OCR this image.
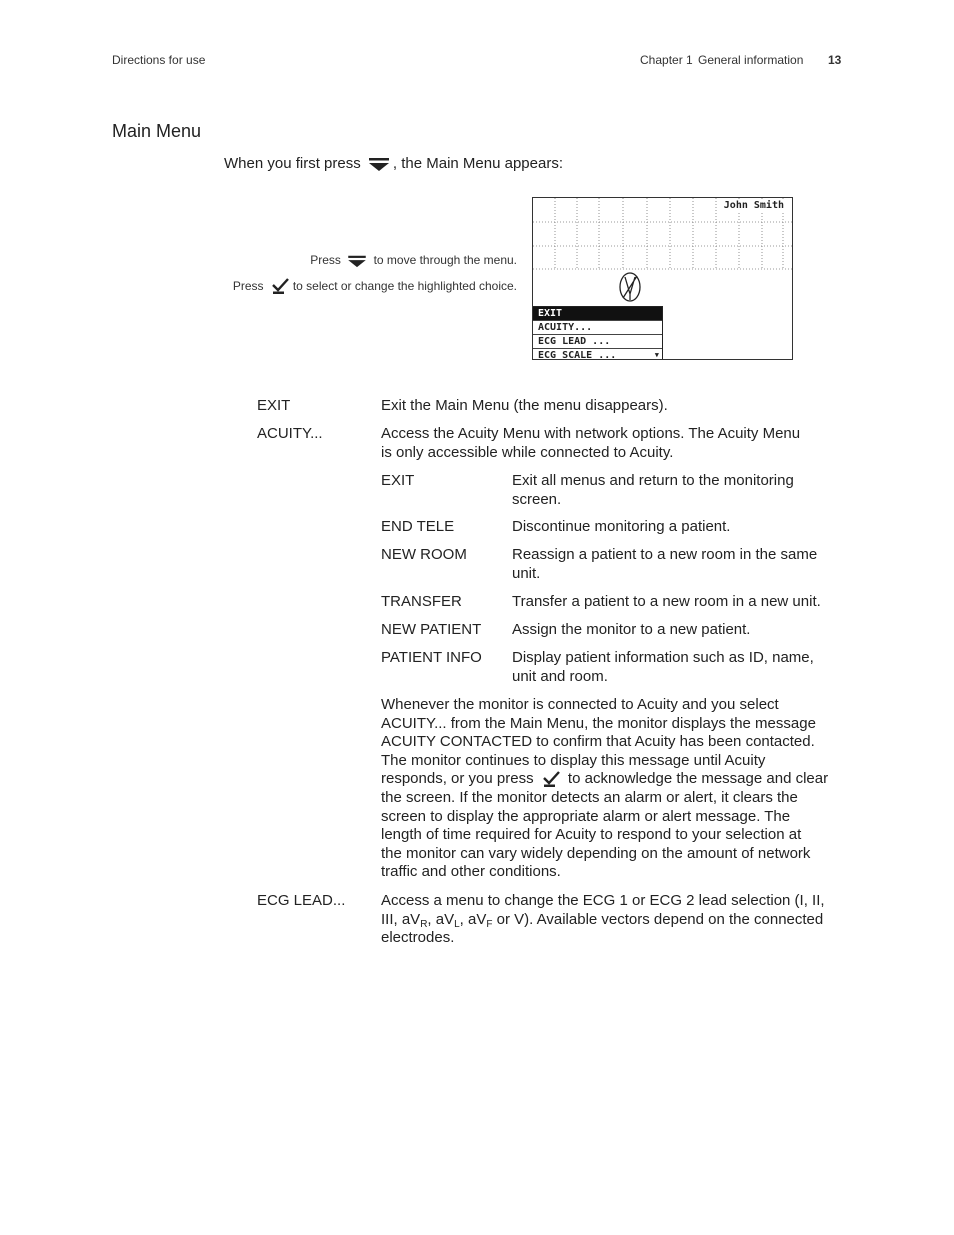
Directions for use	Chapter 1 General information 13
Main Menu
When you first press , the Main Menu appears:
Press	to move through the menu.
Press to select or change the highlighted choice.
John Smith
EXIT
ACUITY...
ECG LEAD ...
ECG SCALE ...	▼
EXIT	Exit the Main Menu (the menu disappears).
ACUITY...	Access the Acuity Menu with network options. The Acuity Menu
is only accessible while connected to Acuity.
EXIT	Exit all menus and return to the monitoring
screen.
END TELE	Discontinue monitoring a patient.
NEW ROOM	Reassign a patient to a new room in the same
unit.
TRANSFER	Transfer a patient to a new room in a new unit.
NEW PATIENT Assign the monitor to a new patient.
PATIENT INFO Display patient information such as ID, name,
unit and room.
Whenever the monitor is connected to Acuity and you select
ACUITY... from the Main Menu, the monitor displays the message
ACUITY CONTACTED to confirm that Acuity has been contacted.
The monitor continues to display this message until Acuity
responds, or you press to acknowledge the message and clear
the screen. If the monitor detects an alarm or alert, it clears the
screen to display the appropriate alarm or alert message. The
length of time required for Acuity to respond to your selection at
the monitor can vary widely depending on the amount of network
traffic and other conditions.
ECG LEAD... Access a menu to change the ECG 1 or ECG 2 lead selection (I, II,
III, $aV_R$, $aV_L$, $aV_F$ or V). Available vectors depend on the connected
electrodes.
